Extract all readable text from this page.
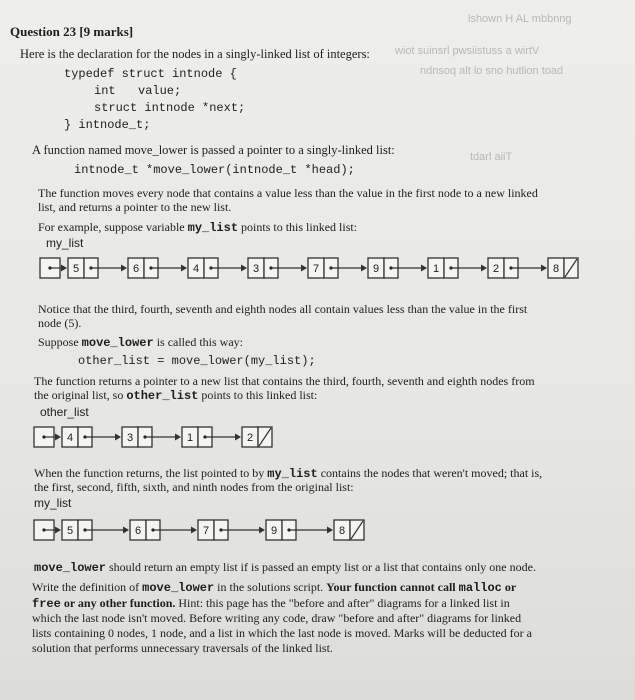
lshown H AL mbbnng
wiot suinsrl pwsiistuss a wirtV
ndnsoq alt lo sno hutlion toad
tdarl aiiT
Question 23 [9 marks]
Here is the declaration for the nodes in a singly-linked list of integers:
typedef struct intnode {
int value;
struct intnode *next;
} intnode_t;
A function named move_lower is passed a pointer to a singly-linked list:
intnode_t *move_lower(intnode_t *head);
The function moves every node that contains a value less than the value in the first node to a new linked
list, and returns a pointer to the new list.
For example, suppose variable my_list points to this linked list:
my_list
5	6	4	3	7	9	1	2	8
4	3	1	2
5	6	7	9	8
Notice that the third, fourth, seventh and eighth nodes all contain values less than the value in the first
node (5).
Suppose move_lower is called this way:
other_list = move_lower(my_list);
The function returns a pointer to a new list that contains the third, fourth, seventh and eighth nodes from
the original list, so other_list points to this linked list:
other_list
When the function returns, the list pointed to by my_list contains the nodes that weren't moved; that is,
the first, second, fifth, sixth, and ninth nodes from the original list:
my_list
move_lower should return an empty list if is passed an empty list or a list that contains only one node.
Write the definition of move_lower in the solutions script. Your function cannot call malloc or
free or any other function. Hint: this page has the "before and after" diagrams for a linked list in
which the last node isn't moved. Before writing any code, draw "before and after" diagrams for linked
lists containing 0 nodes, 1 node, and a list in which the last node is moved. Marks will be deducted for a
solution that performs unnecessary traversals of the linked list.
